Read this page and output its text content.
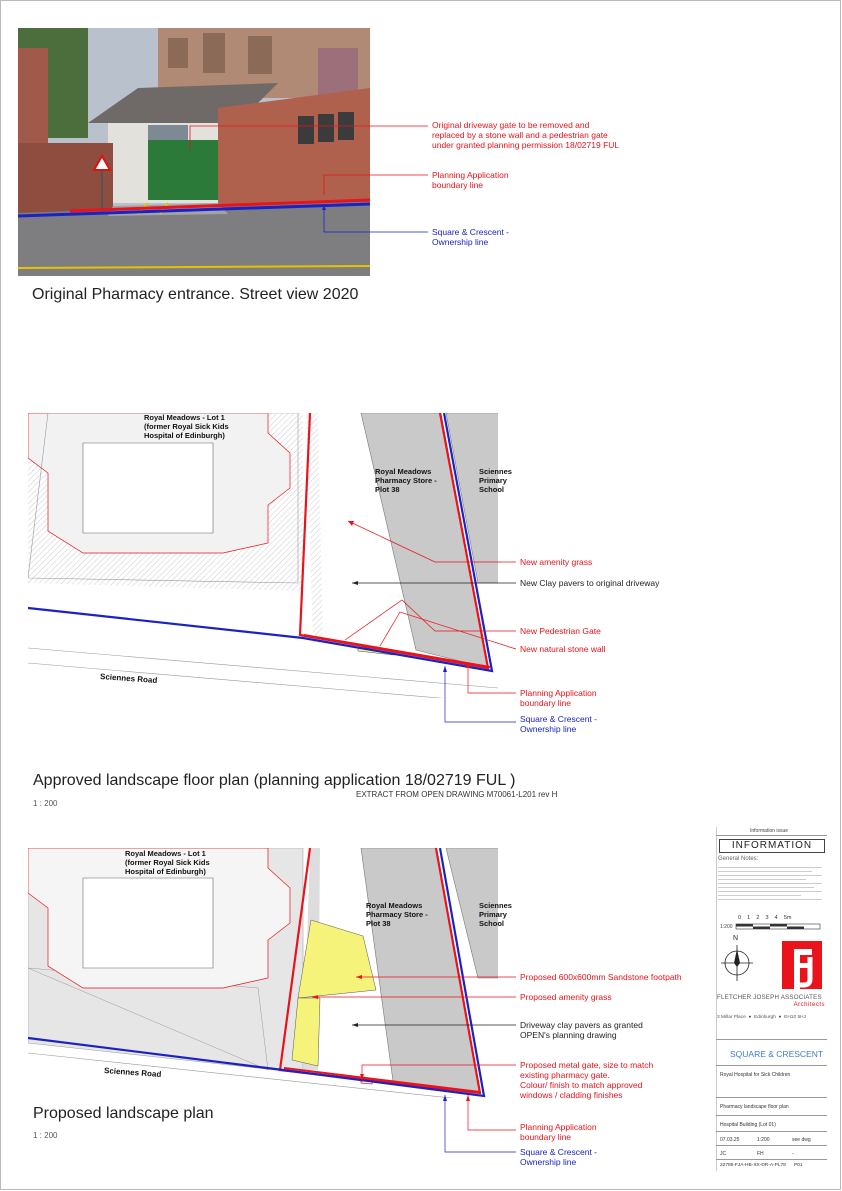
Original driveway gate to be removed and
replaced by a stone wall and a pedestrian gate
under granted planning permission 18/02719 FUL
Planning Application
boundary line
Square & Crescent -
Ownership line
Original Pharmacy entrance. Street view 2020
Royal Meadows - Lot 1
(former Royal Sick Kids
Hospital of Edinburgh)
Royal Meadows
Pharmacy Store -
Plot 38
Sciennes
Primary
School
Sciennes Road
New amenity grass
New Clay pavers to original driveway
New Pedestrian Gate
New natural stone wall
Planning Application
boundary line
Square & Crescent -
Ownership line
Approved landscape floor plan (planning application 18/02719 FUL )
EXTRACT FROM OPEN DRAWING M70061-L201 rev H
1 : 200
Royal Meadows - Lot 1
(former Royal Sick Kids
Hospital of Edinburgh)
Royal Meadows
Pharmacy Store -
Plot 38
Sciennes
Primary
School
Sciennes Road
Proposed 600x600mm Sandstone footpath
Proposed amenity grass
Driveway clay pavers as granted
OPEN's planning drawing
Proposed metal gate, size to match
existing pharmacy gate.
Colour/ finish to match approved
windows / cladding finishes
Planning Application
boundary line
Square & Crescent -
Ownership line
Proposed landscape plan
1 : 200
Information issue
INFORMATION
General Notes:
0    1    2    3    4    5m
1:200
N
FLETCHER JOSEPH ASSOCIATES
Architects
3 Millar Place  ●  Edinburgh  ●  EH10 5HJ
SQUARE & CRESCENT
Royal Hospital for Sick Children
Pharmacy landscape floor plan
Hospital Building (Lot 01)
07.03.25	1:200	see dwg
JC	FH	-
22785-FJA-HB-XX-DR-A-PL78 P01
